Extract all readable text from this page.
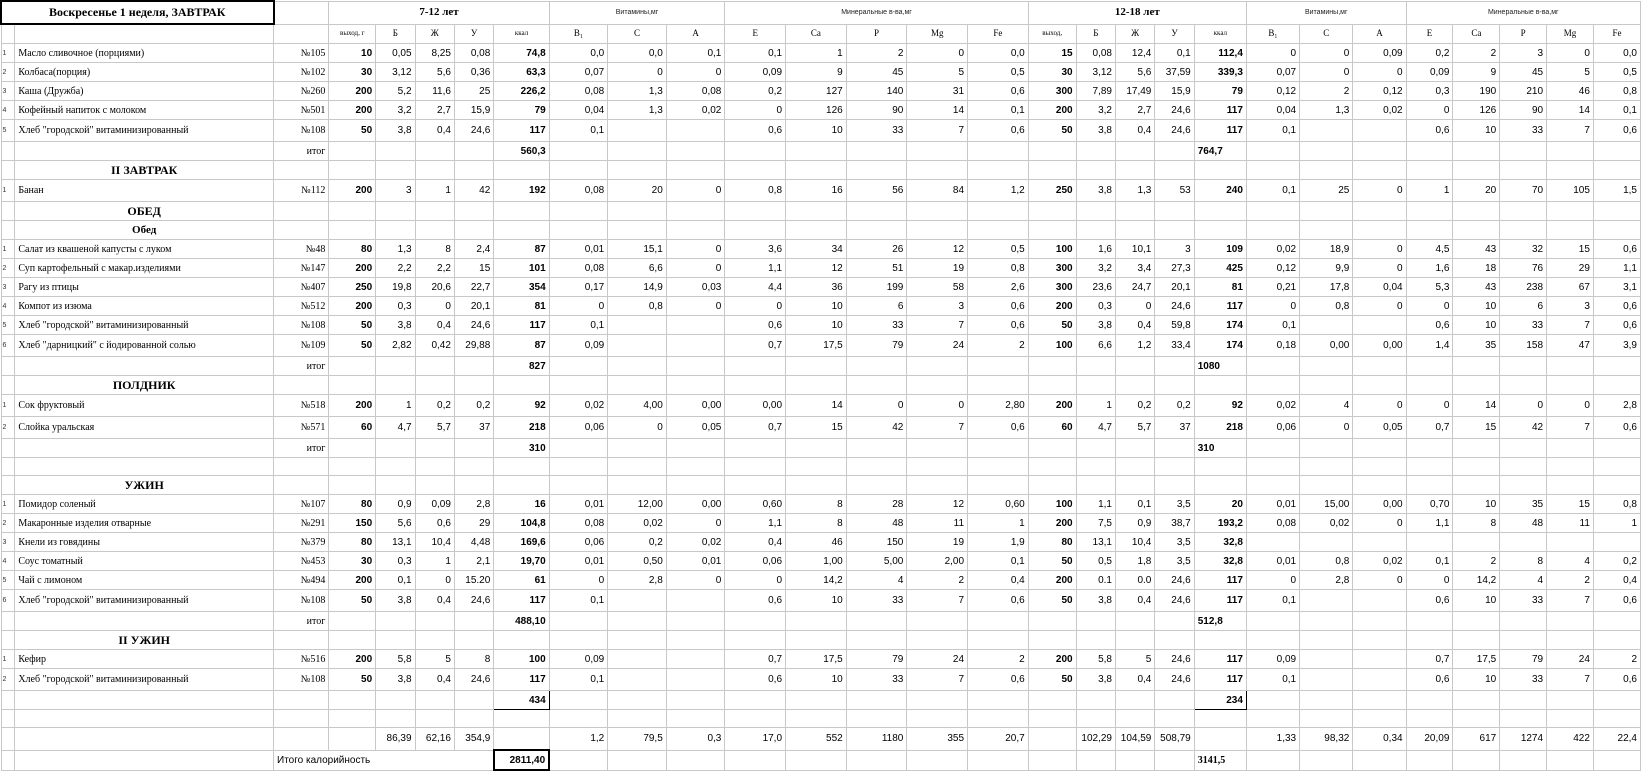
Воскресенье 1 неделя, ЗАВТРАК			7-12 лет					Витамины,мг			Минеральные в-ва,мг					12-18 лет					Витамины,мг			Минеральные в-ва,мг				
			выход, г	Б	Ж	У	ккал	B₁	C	A	E	Ca	P	Mg	Fe	выход,	Б	Ж	У	ккал	B₁	C	A	E	Ca	P	Mg	Fe
1	Масло сливочное (порциями)	№105	10	0,05	8,25	0,08	74,8	0,0	0,0	0,1	0,1	1	2	0	0,0	15	0,08	12,4	0,1	112,4	0	0	0,09	0,2	2	3	0	0,0
2	Колбаса(порция)	№102	30	3,12	5,6	0,36	63,3	0,07	0	0	0,09	9	45	5	0,5	30	3,12	5,6	37,59	339,3	0,07	0	0	0,09	9	45	5	0,5
3	Каша (Дружба)	№260	200	5,2	11,6	25	226,2	0,08	1,3	0,08	0,2	127	140	31	0,6	300	7,89	17,49	15,9	79	0,12	2	0,12	0,3	190	210	46	0,8
4	Кофейный напиток с молоком	№501	200	3,2	2,7	15,9	79	0,04	1,3	0,02	0	126	90	14	0,1	200	3,2	2,7	24,6	117	0,04	1,3	0,02	0	126	90	14	0,1
5	Хлеб "городской" витаминизированный	№108	50	3,8	0,4	24,6	117	0,1			0,6	10	33	7	0,6	50	3,8	0,4	24,6	117	0,1			0,6	10	33	7	0,6
		итог					560,3													764,7								
	II ЗАВТРАК																											
1	Банан	№112	200	3	1	42	192	0,08	20	0	0,8	16	56	84	1,2	250	3,8	1,3	53	240	0,1	25	0	1	20	70	105	1,5
	ОБЕД																											
	Обед																											
1	Салат из квашеной капусты с луком	№48	80	1,3	8	2,4	87	0,01	15,1	0	3,6	34	26	12	0,5	100	1,6	10,1	3	109	0,02	18,9	0	4,5	43	32	15	0,6
2	Суп картофельный с макар.изделиями	№147	200	2,2	2,2	15	101	0,08	6,6	0	1,1	12	51	19	0,8	300	3,2	3,4	27,3	425	0,12	9,9	0	1,6	18	76	29	1,1
3	Рагу из птицы	№407	250	19,8	20,6	22,7	354	0,17	14,9	0,03	4,4	36	199	58	2,6	300	23,6	24,7	20,1	81	0,21	17,8	0,04	5,3	43	238	67	3,1
4	Компот из изюма	№512	200	0,3	0	20,1	81	0	0,8	0	0	10	6	3	0,6	200	0,3	0	24,6	117	0	0,8	0	0	10	6	3	0,6
5	Хлеб "городской" витаминизированный	№108	50	3,8	0,4	24,6	117	0,1			0,6	10	33	7	0,6	50	3,8	0,4	59,8	174	0,1			0,6	10	33	7	0,6
6	Хлеб "дарницкий" с йодированной солью	№109	50	2,82	0,42	29,88	87	0,09			0,7	17,5	79	24	2	100	6,6	1,2	33,4	174	0,18	0,00	0,00	1,4	35	158	47	3,9
		итог					827													1080								
	ПОЛДНИК																											
1	Сок фруктовый	№518	200	1	0,2	0,2	92	0,02	4,00	0,00	0,00	14	0	0	2,80	200	1	0,2	0,2	92	0,02	4	0	0	14	0	0	2,8
2	Слойка уральская	№571	60	4,7	5,7	37	218	0,06	0	0,05	0,7	15	42	7	0,6	60	4,7	5,7	37	218	0,06	0	0,05	0,7	15	42	7	0,6
		итог					310													310								

	УЖИН																											
1	Помидор соленый	№107	80	0,9	0,09	2,8	16	0,01	12,00	0,00	0,60	8	28	12	0,60	100	1,1	0,1	3,5	20	0,01	15,00	0,00	0,70	10	35	15	0,8
2	Макаронные изделия отварные	№291	150	5,6	0,6	29	104,8	0,08	0,02	0	1,1	8	48	11	1	200	7,5	0,9	38,7	193,2	0,08	0,02	0	1,1	8	48	11	1
3	Кнели из говядины	№379	80	13,1	10,4	4,48	169,6	0,06	0,2	0,02	0,4	46	150	19	1,9	80	13,1	10,4	3,5	32,8								
4	Соус томатный	№453	30	0,3	1	2,1	19,70	0,01	0,50	0,01	0,06	1,00	5,00	2,00	0,1	50	0,5	1,8	3,5	32,8	0,01	0,8	0,02	0,1	2	8	4	0,2
5	Чай с лимоном	№494	200	0,1	0	15.20	61	0	2,8	0	0	14,2	4	2	0,4	200	0.1	0.0	24,6	117	0	2,8	0	0	14,2	4	2	0,4
6	Хлеб "городской" витаминизированный	№108	50	3,8	0,4	24,6	117	0,1			0,6	10	33	7	0,6	50	3,8	0,4	24,6	117	0,1			0,6	10	33	7	0,6
		итог					488,10													512,8								
	II УЖИН																											
1	Кефир	№516	200	5,8	5	8	100	0,09			0,7	17,5	79	24	2	200	5,8	5	24,6	117	0,09			0,7	17,5	79	24	2
2	Хлеб "городской" витаминизированный	№108	50	3,8	0,4	24,6	117	0,1			0,6	10	33	7	0,6	50	3,8	0,4	24,6	117	0,1			0,6	10	33	7	0,6
							434													234								

				86,39	62,16	354,9		1,2	79,5	0,3	17,0	552	1180	355	20,7		102,29	104,59	508,79		1,33	98,32	0,34	20,09	617	1274	422	22,4
		Итого калорийность					2811,40													3141,5								
